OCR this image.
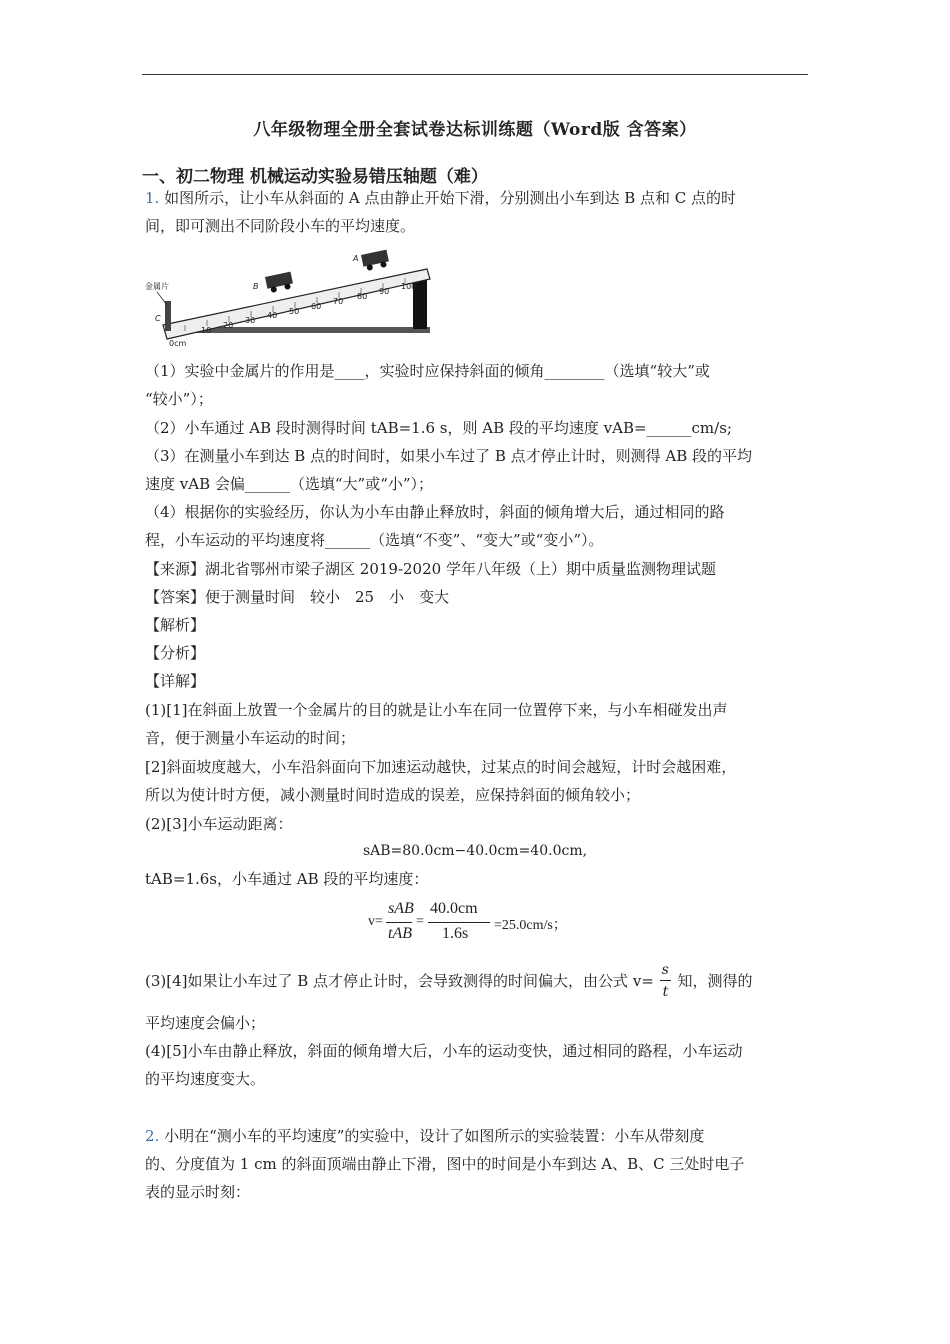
八年级物理全册全套试卷达标训练题（Word版 含答案）
一、初二物理 机械运动实验易错压轴题（难）
1. 如图所示，让小车从斜面的 A 点由静止开始下滑，分别测出小车到达 B 点和 C 点的时
间，即可测出不同阶段小车的平均速度。
10
20
30
40 50
60
70
80
90
100
0cm
金属片
C
B
A
（1）实验中金属片的作用是____，实验时应保持斜面的倾角________（选填“较大”或
“较小”）；
（2）小车通过 AB 段时测得时间 tAB=1.6 s，则 AB 段的平均速度 vAB=______cm/s;
（3）在测量小车到达 B 点的时间时，如果小车过了 B 点才停止计时，则测得 AB 段的平均
速度 vAB 会偏______（选填“大”或“小”）；
（4）根据你的实验经历，你认为小车由静止释放时，斜面的倾角增大后，通过相同的路
程，小车运动的平均速度将______（选填“不变”、“变大”或“变小”）。
【来源】湖北省鄂州市梁子湖区 2019-2020 学年八年级（上）期中质量监测物理试题
【答案】便于测量时间　较小　25　小　变大
【解析】
【分析】
【详解】
(1)[1]在斜面上放置一个金属片的目的就是让小车在同一位置停下来，与小车相碰发出声
音，便于测量小车运动的时间；
[2]斜面坡度越大，小车沿斜面向下加速运动越快，过某点的时间会越短，计时会越困难，
所以为使计时方便，减小测量时间时造成的误差，应保持斜面的倾角较小；
(2)[3]小车运动距离：
sAB=80.0cm−40.0cm=40.0cm,
tAB=1.6s，小车通过 AB 段的平均速度：
v=
sAB
tAB
=
40.0cm
1.6s =25.0cm/s；
(3)[4]如果让小车过了 B 点才停止计时，会导致测得的时间偏大，由公式 $v= \frac{s}{t}$ 知，测得的
平均速度会偏小；
(4)[5]小车由静止释放，斜面的倾角增大后，小车的运动变快，通过相同的路程，小车运动
的平均速度变大。
2. 小明在“测小车的平均速度”的实验中，设计了如图所示的实验装置：小车从带刻度
的、分度值为 1 cm 的斜面顶端由静止下滑，图中的时间是小车到达 A、B、C 三处时电子
表的显示时刻：
